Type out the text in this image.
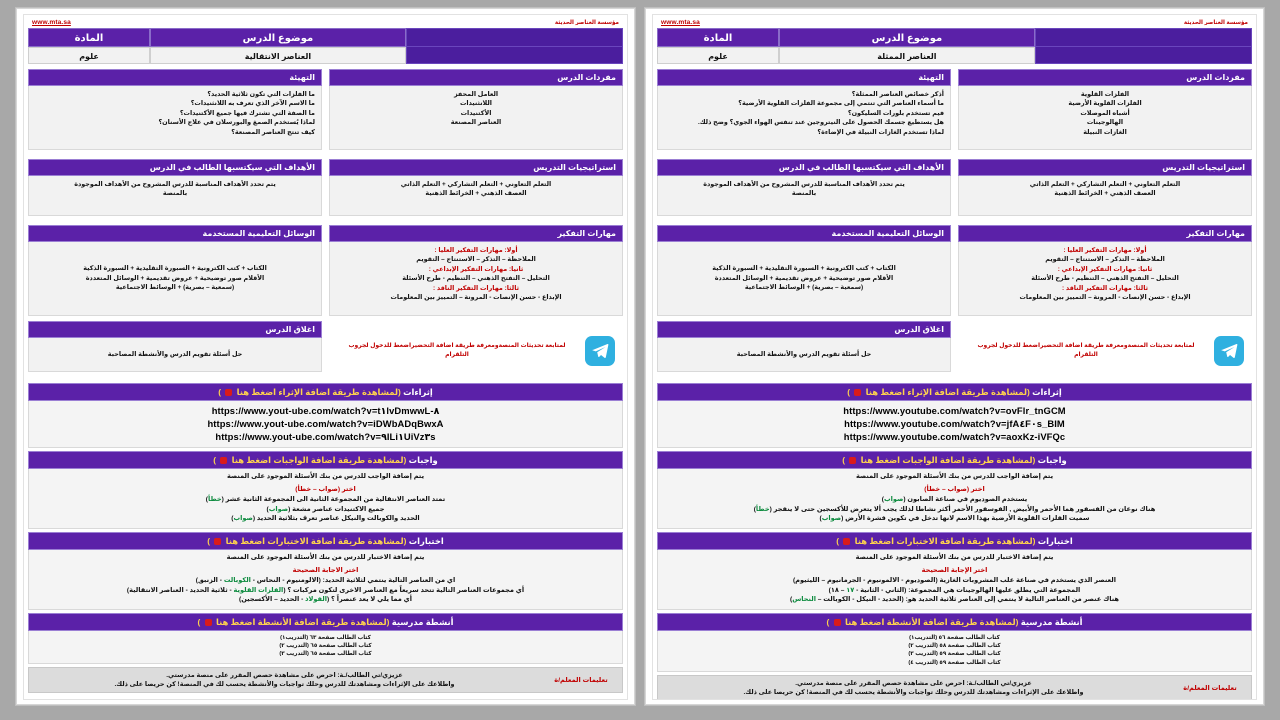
مؤسسة العناصر الحديثة
www.mta.sa

موضوع الدرس
العناصر الانتقالية
المادة
علوم
مفردات الدرس
العامل المحفز
اللانثنيدات
الأكتنيدات
العناصر المصنعة
التهيئة
ما الفلزات التي تكون ثلاثية الحديد؟
ما الاسم الآخر الذي تعرف به اللانثنيدات؟
ما الصفة التي تشترك فيها جميع الأكتنيدات؟
لماذا يُستخدم الصمغ والبورسلان في علاج الأسنان؟
كيف تنتج العناصر المصنعة؟
استراتيجيات التدريس
التعلم التعاوني + التعلم التشاركي + التعلم الذاتي
العصف الذهني + الخرائط الذهنية
الأهداف التي سيكتسبها الطالب في الدرس
يتم تحدد الأهداف المناسبة للدرس المشروح من الأهداف الموجودة
بالمنصة
مهارات التفكير
أولا: مهارات التفكير العليا :
الملاحظة – التذكر – الاستنتاج – التقويم
ثانيا: مهارات التفكير الإبداعي :
التحليل – التفتح الذهني – التنظيم - طرح الأسئلة
ثالثا: مهارات التفكير الناقد :
الإبداع - حسن الإنصات - المرونة – التمييز بين المعلومات
لمتابعة تحديثات المنصةومعرفة طريقة اضافة التحضيراضغط للدخول لجروب التلقرام
الوسائل التعليمية المستخدمة
الكتاب + كتب الكترونية + السبورة التقليدية + السبورة الذكية
الأقلام صور توضيحية + عروض تقديمية + الوسائل المتعددة
(سمعية – بصرية) + الوسائط الاجتماعية
اغلاق الدرس
حل أسئلة تقويم الدرس والأنشطة المصاحبة
إثراءات (لمشاهدة طريقة اضافة الإثراء اضغط هنا  )
https://www.yout-ube.com/watch?v=t١lvDmwwL-٨
https://www.yout-ube.com/watch?v=iDWbADqBwxA
https://www.yout-ube.com/watch?v=٩ILi١UiVz٣s
واجبات (لمشاهدة طريقة اضافة الواجبات اضغط هنا  )
يتم إضافة الواجب للدرس من بنك الأسئلة الموجود على المنصة
اختر (صواب – خطأ)
تمتد العناصر الانتقالية من المجموعة الثانية الى المجموعة الثانية عشر (خطأ)
جميع الاكتنيدات عناصر مشعة (صواب)
الحديد والكوبالت والنيكل عناصر تعرف بثلاثية الحديد (صواب)
اختبارات (لمشاهدة طريقة اضافة الاختبارات اضغط هنا  )
يتم إضافة الاختبار للدرس من بنك الأسئلة الموجود على المنصة
اختر الاجابة الصحيحة
اي من العناصر التالية ينتمي لثلاثية الحديد: (الالومنيوم - النحاس - الكوبالت - الزنبق)
أي مجموعات العناصر التالية تتحد سريعاً مع العناصر الاخرى لتكون مركبات ؟ (الفلزات القلوية - ثلاثية الحديد - العناصر الانتقالية)
أي مما يلي لا يعد عنصراً ؟ (الفولاذ - الحديد – الأكسجين)
أنشطة مدرسية (لمشاهدة طريقة اضافة الأنشطة اضغط هنا  )
كتاب الطالب صفحة ٦٣ (التدريب١)
كتاب الطالب صفحة ٦٥ (التدريب ٢)
كتاب الطالب صفحة ٦٥ (التدريب ٣)
تعليمات المعلم/ة
عزيزي/تي الطالب/ـة: احرص على مشاهدة حصص المقرر على منصة مدرستي.
واطلاعك على الإثراءات ومشاهدتك للدرس وحلك تواجبات والأنشطة يحسب لك في المنصة! كن حريصا على ذلك.
مؤسسة العناصر الحديثة
www.mta.sa

موضوع الدرس
العناصر الممثلة
المادة
علوم
مفردات الدرس
الفلزات القلوية
الفلزات القلوية الأرضية
أشباه الموصلات
الهالوجينات
الغازات النبيلة
التهيئة
أذكر خصائص العناصر الممثلة؟
ما أسماء العناصر التي تنتمي إلى مجموعة الفلزات القلوية الأرضية؟
فيم تستخدم بلورات السليكون؟
هل يستطيع جسمك الحصول على النيتروجين عند تنفس الهواء الجوي؟ وضح ذلك.
لماذا تستخدم الغازات النبيلة في الإضاءة؟
استراتيجيات التدريس
التعلم التعاوني + التعلم التشاركي + التعلم الذاتي
العصف الذهني + الخرائط الذهنية
الأهداف التي سيكتسبها الطالب في الدرس
يتم تحدد الأهداف المناسبة للدرس المشروح من الأهداف الموجودة
بالمنصة
مهارات التفكير
أولا: مهارات التفكير العليا :
الملاحظة – التذكر – الاستنتاج – التقويم
ثانيا: مهارات التفكير الإبداعي :
التحليل – التفتح الذهني – التنظيم - طرح الأسئلة
ثالثا: مهارات التفكير الناقد :
الإبداع - حسن الإنصات - المرونة – التمييز بين المعلومات
لمتابعة تحديثات المنصةومعرفة طريقة اضافة التحضيراضغط للدخول لجروب التلقرام
الوسائل التعليمية المستخدمة
الكتاب + كتب الكترونية + السبورة التقليدية + السبورة الذكية
الأقلام صور توضيحية + عروض تقديمية + الوسائل المتعددة
(سمعية – بصرية) + الوسائط الاجتماعية
اغلاق الدرس
حل أسئلة تقويم الدرس والأنشطة المصاحبة
إثراءات (لمشاهدة طريقة اضافة الإثراء اضغط هنا  )
https://www.youtube.com/watch?v=ovFlr_tnGCM
https://www.youtube.com/watch?v=jfA٤F٠s_BIM
https://www.youtube.com/watch?v=aoxKz-iVFQc
واجبات (لمشاهدة طريقة اضافة الواجبات اضغط هنا  )
يتم إضافة الواجب للدرس من بنك الأسئلة الموجود على المنصة
اختر (صواب – خطأ)
يستخدم الصوديوم في صناعة الصابون (صواب)
هناك نوعان من الفسفور هما الأحمر والأبيض , الفوسفور الأحمر أكثر نشاطا لذلك يجب ألا يتعرض للأكسجين حتى لا ينفجر (خطأ)
سميت الفلزات القلوية الأرضية بهذا الاسم لانها تدخل في تكوين قشرة الأرض (صواب)
اختبارات (لمشاهدة طريقة اضافة الاختبارات اضغط هنا  )
يتم إضافة الاختبار للدرس من بنك الأسئلة الموجود على المنصة
اختر الإجابة الصحيحة
العنصر الذي يستخدم في صناعة علب المشروبات الغازية (الصوديوم - الالمونيوم - الجرمانيوم – الليثيوم)
المجموعة التي يطلق عليها الهالوجينات هي المجموعة: (الثاني - الثانية - ١٧ – ١٨)
هناك عنصر من العناصر التالية لا ينتمي إلى العناصر ثلاثية الحديد هو: (الحديد - النيكل - الكوبالت – النحاس)
أنشطة مدرسية (لمشاهدة طريقة اضافة الأنشطة اضغط هنا  )
كتاب الطالب صفحة ٥٦ (التدريب١)
كتاب الطالب صفحة ٥٨ (التدريب ٢)
كتاب الطالب صفحة ٥٩ (التدريب ٣)
كتاب الطالب صفحة ٥٩ (التدريب ٤)
تعليمات المعلم/ة
عزيزي/تي الطالب/ـة: احرص على مشاهدة حصص المقرر على منصة مدرستي.
واطلاعك على الإثراءات ومشاهدتك للدرس وحلك تواجبات والأنشطة يحسب لك في المنصة! كن حريصا على ذلك.
